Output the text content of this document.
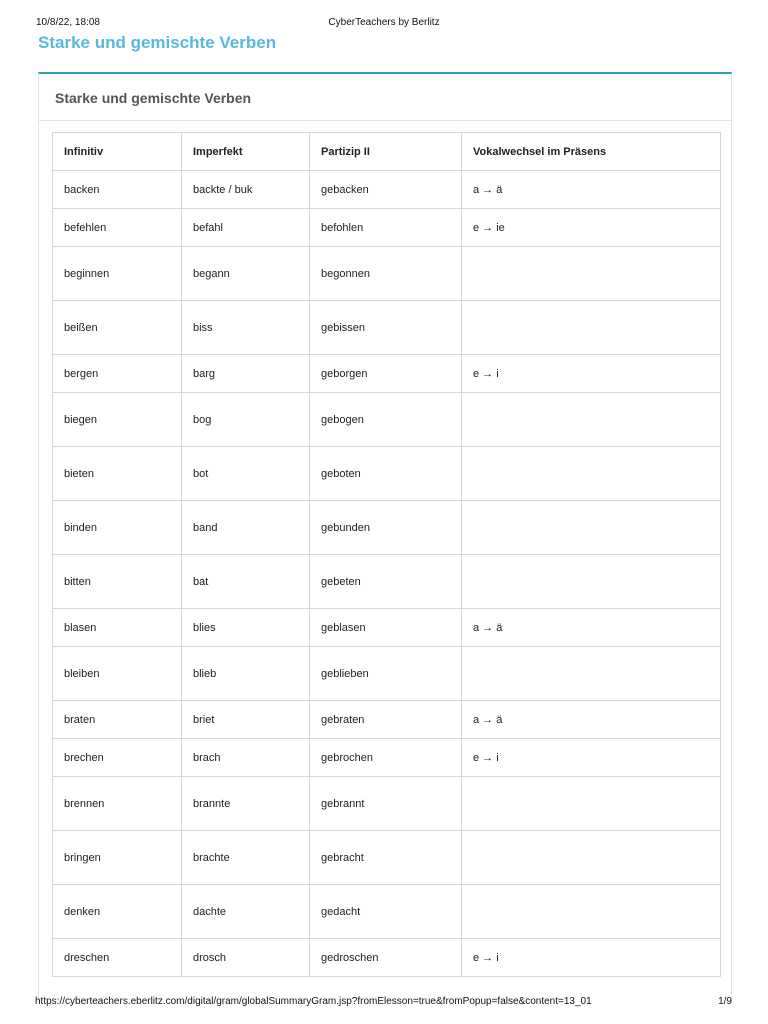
10/8/22, 18:08	CyberTeachers by Berlitz
Starke und gemischte Verben
Starke und gemischte Verben
Infinitiv	Imperfekt	Partizip II	Vokalwechsel im Präsens
backen	backte / buk	gebacken	a → ä
befehlen	befahl	befohlen	e → ie
beginnen	begann	begonnen	
beißen	biss	gebissen	
bergen	barg	geborgen	e → i
biegen	bog	gebogen	
bieten	bot	geboten	
binden	band	gebunden	
bitten	bat	gebeten	
blasen	blies	geblasen	a → ä
bleiben	blieb	geblieben	
braten	briet	gebraten	a → ä
brechen	brach	gebrochen	e → i
brennen	brannte	gebrannt	
bringen	brachte	gebracht	
denken	dachte	gedacht	
dreschen	drosch	gedroschen	e → i
https://cyberteachers.eberlitz.com/digital/gram/globalSummaryGram.jsp?fromElesson=true&fromPopup=false&content=13_01	1/9
